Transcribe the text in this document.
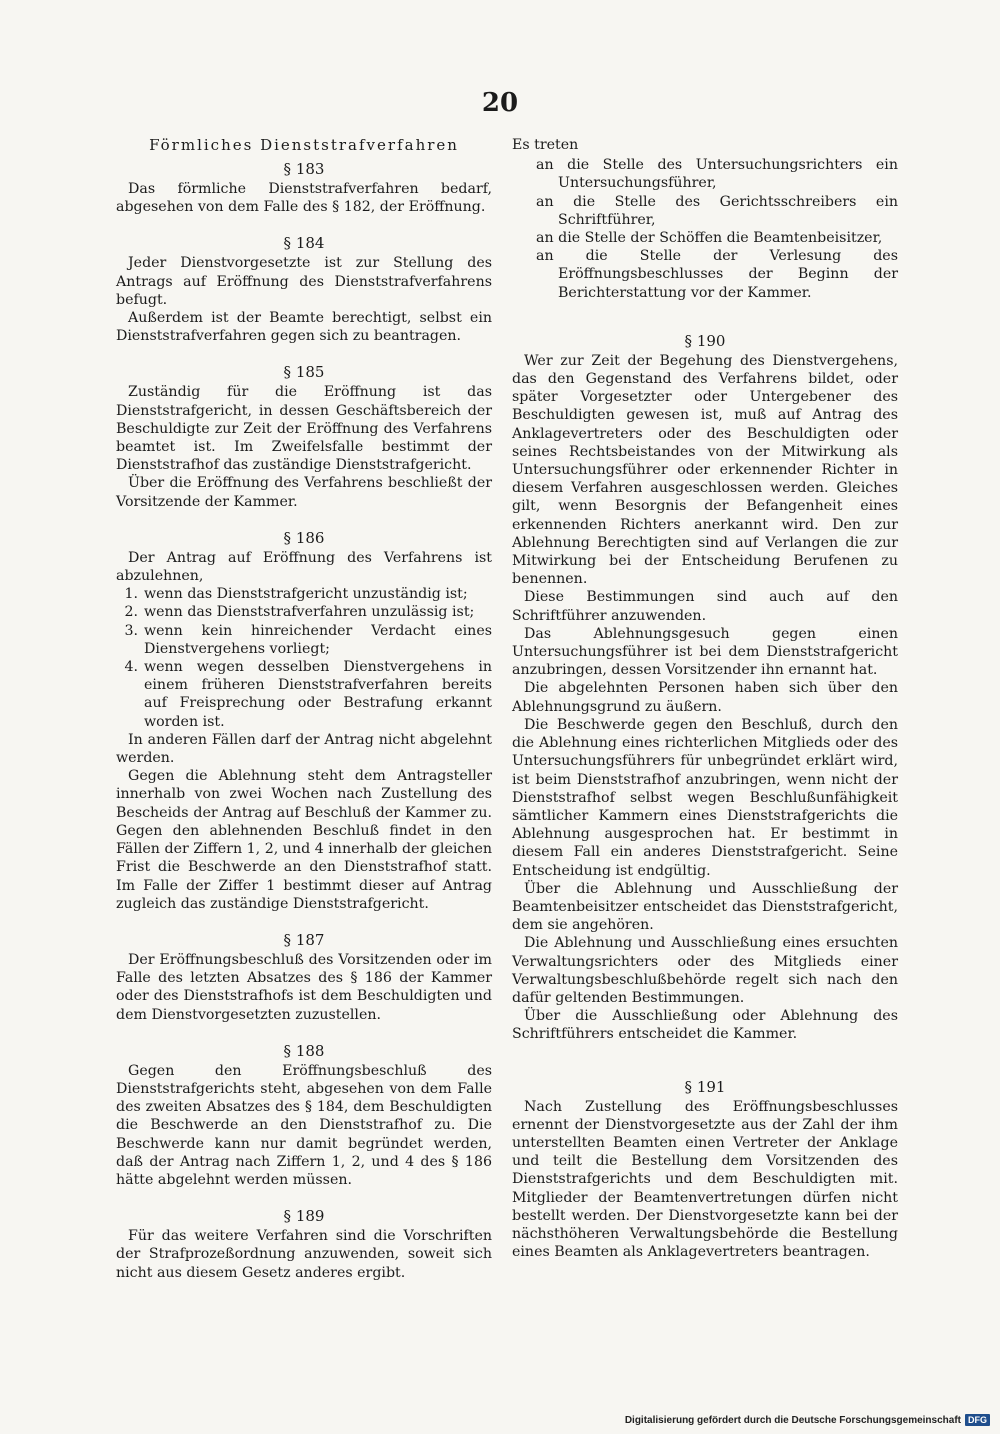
20
Förmliches Dienststrafverfahren
§ 183

Das förmliche Dienststrafverfahren bedarf, abgesehen von dem Falle des § 182, der Eröffnung.

§ 184

Jeder Dienstvorgesetzte ist zur Stellung des Antrags auf Eröffnung des Dienststrafverfahrens befugt.

Außerdem ist der Beamte berechtigt, selbst ein Dienststrafverfahren gegen sich zu beantragen.

§ 185

Zuständig für die Eröffnung ist das Dienststrafgericht, in dessen Geschäftsbereich der Beschuldigte zur Zeit der Eröffnung des Verfahrens beamtet ist. Im Zweifelsfalle bestimmt der Dienststrafhof das zuständige Dienststrafgericht.

Über die Eröffnung des Verfahrens beschließt der Vorsitzende der Kammer.

§ 186

Der Antrag auf Eröffnung des Verfahrens ist abzulehnen,

1. wenn das Dienststrafgericht unzuständig ist;
2. wenn das Dienststrafverfahren unzulässig ist;
3. wenn kein hinreichender Verdacht eines Dienstvergehens vorliegt;
4. wenn wegen desselben Dienstvergehens in einem früheren Dienststrafverfahren bereits auf Freisprechung oder Bestrafung erkannt worden ist.

In anderen Fällen darf der Antrag nicht abgelehnt werden.

Gegen die Ablehnung steht dem Antragsteller innerhalb von zwei Wochen nach Zustellung des Bescheids der Antrag auf Beschluß der Kammer zu. Gegen den ablehnenden Beschluß findet in den Fällen der Ziffern 1, 2, und 4 innerhalb der gleichen Frist die Beschwerde an den Dienststrafhof statt. Im Falle der Ziffer 1 bestimmt dieser auf Antrag zugleich das zuständige Dienststrafgericht.

§ 187

Der Eröffnungsbeschluß des Vorsitzenden oder im Falle des letzten Absatzes des § 186 der Kammer oder des Dienststrafhofs ist dem Beschuldigten und dem Dienstvorgesetzten zuzustellen.

§ 188

Gegen den Eröffnungsbeschluß des Dienststrafgerichts steht, abgesehen von dem Falle des zweiten Absatzes des § 184, dem Beschuldigten die Beschwerde an den Dienststrafhof zu. Die Beschwerde kann nur damit begründet werden, daß der Antrag nach Ziffern 1, 2, und 4 des § 186 hätte abgelehnt werden müssen.

§ 189

Für das weitere Verfahren sind die Vorschriften der Strafprozeßordnung anzuwenden, soweit sich nicht aus diesem Gesetz anderes ergibt.

Es treten

an die Stelle des Untersuchungsrichters ein Untersuchungsführer,

an die Stelle des Gerichtsschreibers ein Schriftführer,

an die Stelle der Schöffen die Beamtenbeisitzer,

an die Stelle der Verlesung des Eröffnungsbeschlusses der Beginn der Berichterstattung vor der Kammer.

§ 190

Wer zur Zeit der Begehung des Dienstvergehens, das den Gegenstand des Verfahrens bildet, oder später Vorgesetzter oder Untergebener des Beschuldigten gewesen ist, muß auf Antrag des Anklagevertreters oder des Beschuldigten oder seines Rechtsbeistandes von der Mitwirkung als Untersuchungsführer oder erkennender Richter in diesem Verfahren ausgeschlossen werden. Gleiches gilt, wenn Besorgnis der Befangenheit eines erkennenden Richters anerkannt wird. Den zur Ablehnung Berechtigten sind auf Verlangen die zur Mitwirkung bei der Entscheidung Berufenen zu benennen.

Diese Bestimmungen sind auch auf den Schriftführer anzuwenden.

Das Ablehnungsgesuch gegen einen Untersuchungsführer ist bei dem Dienststrafgericht anzubringen, dessen Vorsitzender ihn ernannt hat.

Die abgelehnten Personen haben sich über den Ablehnungsgrund zu äußern.

Die Beschwerde gegen den Beschluß, durch den die Ablehnung eines richterlichen Mitglieds oder des Untersuchungsführers für unbegründet erklärt wird, ist beim Dienststrafhof anzubringen, wenn nicht der Dienststrafhof selbst wegen Beschlußunfähigkeit sämtlicher Kammern eines Dienststrafgerichts die Ablehnung ausgesprochen hat. Er bestimmt in diesem Fall ein anderes Dienststrafgericht. Seine Entscheidung ist endgültig.

Über die Ablehnung und Ausschließung der Beamtenbeisitzer entscheidet das Dienststrafgericht, dem sie angehören.

Die Ablehnung und Ausschließung eines ersuchten Verwaltungsrichters oder des Mitglieds einer Verwaltungsbeschlußbehörde regelt sich nach den dafür geltenden Bestimmungen.

Über die Ausschließung oder Ablehnung des Schriftführers entscheidet die Kammer.

§ 191

Nach Zustellung des Eröffnungsbeschlusses ernennt der Dienstvorgesetzte aus der Zahl der ihm unterstellten Beamten einen Vertreter der Anklage und teilt die Bestellung dem Vorsitzenden des Dienststrafgerichts und dem Beschuldigten mit. Mitglieder der Beamtenvertretungen dürfen nicht bestellt werden. Der Dienstvorgesetzte kann bei der nächsthöheren Verwaltungsbehörde die Bestellung eines Beamten als Anklagevertreters beantragen.

Digitalisierung gefördert durch die Deutsche Forschungsgemeinschaft DFG
